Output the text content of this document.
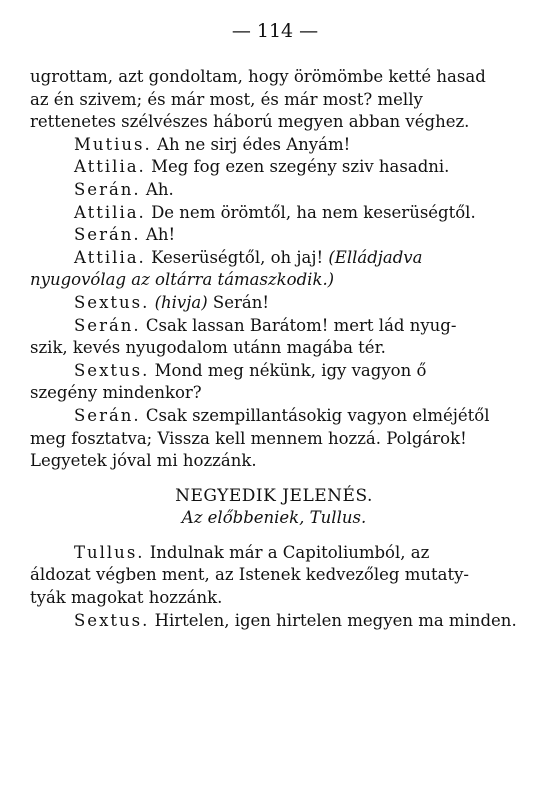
— 114 —
ugrottam, azt gondoltam, hogy örömömbe ketté hasad
az én szivem; és már most, és már most? melly
rettenetes szélvészes háború megyen abban véghez.
Mutius.
Ah ne sirj édes Anyám!
Attilia.
Meg fog ezen szegény sziv hasadni.
Serán.
Ah.
Attilia.
De nem örömtől, ha nem keserüségtől.
Serán.
Ah!
Attilia.
Keserüségtől, oh jaj!
(Elládjadva
nyugovólag az oltárra támaszkodik.)
Sextus.
(hivja)
Serán!
Serán.
Csak lassan Barátom! mert lád nyug-
szik, kevés nyugodalom utánn magába tér.
Sextus.
Mond meg nékünk, igy vagyon ő
szegény mindenkor?
Serán.
Csak szempillantásokig vagyon elméjétől
meg fosztatva; Vissza kell mennem hozzá. Polgárok!
Legyetek jóval mi hozzánk.
NEGYEDIK JELENÉS.
Az előbbeniek, Tullus.
Tullus.
Indulnak már a Capitoliumból, az
áldozat végben ment, az Istenek kedvezőleg mutaty-
tyák magokat hozzánk.
Sextus.
Hirtelen, igen hirtelen megyen ma minden.
